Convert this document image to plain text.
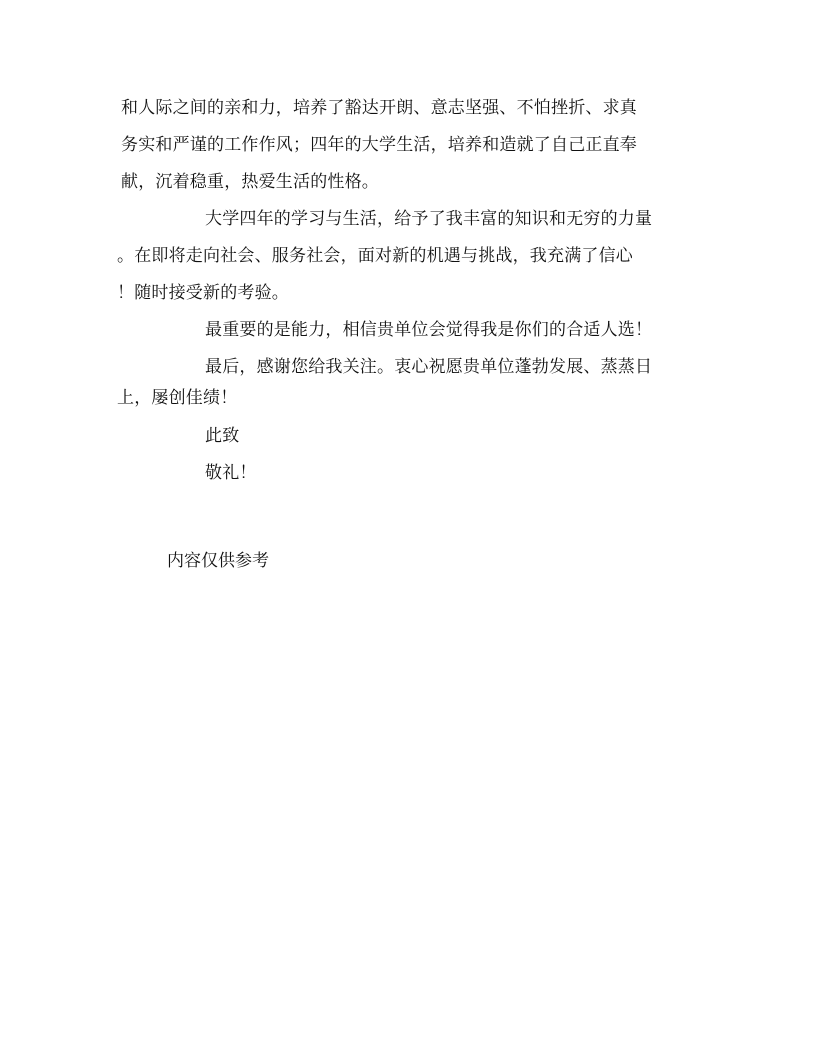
和人际之间的亲和力，培养了豁达开朗、意志坚强、不怕挫折、求真
务实和严谨的工作作风；四年的大学生活，培养和造就了自己正直奉
献，沉着稳重，热爱生活的性格。
大学四年的学习与生活，给予了我丰富的知识和无穷的力量
。在即将走向社会、服务社会，面对新的机遇与挑战，我充满了信心
！随时接受新的考验。
最重要的是能力，相信贵单位会觉得我是你们的合适人选！
最后，感谢您给我关注。衷心祝愿贵单位蓬勃发展、蒸蒸日
上，屡创佳绩！
此致
敬礼！
内容仅供参考
